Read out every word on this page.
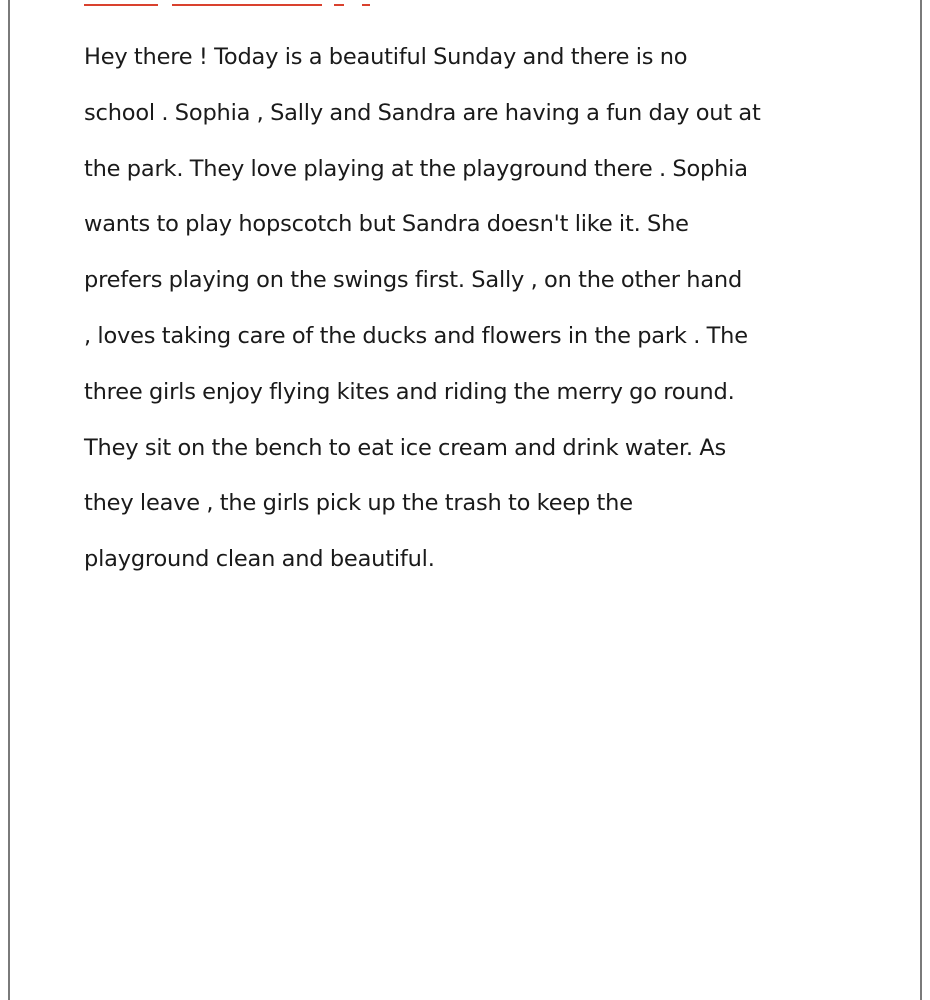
Hey there ! Today is a beautiful Sunday and there is no
school . Sophia , Sally and Sandra are having a fun day out at
the park. They love playing at the playground there . Sophia
wants to play hopscotch but Sandra doesn't like it. She
prefers playing on the swings first. Sally , on the other hand
, loves taking care of the ducks and flowers in the park . The
three girls enjoy flying kites and riding the merry go round.
They sit on the bench to eat ice cream and drink water. As
they leave , the girls pick up the trash to keep the
playground clean and beautiful.
